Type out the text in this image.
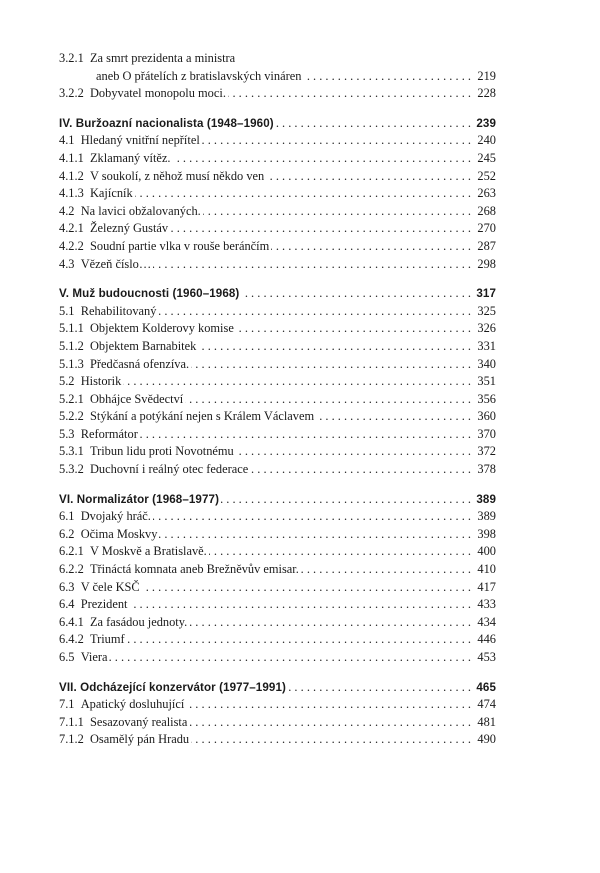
3.2.1 Za smrt prezidenta a ministra
. . .
aneb O přátelích z bratislavských vináren	219
. . .
3.2.2 Dobyvatel monopolu moci.	228
. . .
IV. Buržoazní nacionalista (1948–1960)	239
. . .
4.1 Hledaný vnitřní nepřítel	240
. . .
4.1.1 Zklamaný vítěz.	245
. . .
4.1.2 V soukolí, z něhož musí někdo ven	252
. . .
4.1.3 Kajícník	263
. . .
4.2 Na lavici obžalovaných.	268
. . .
4.2.1 Železný Gustáv	270
. . .
4.2.2 Soudní partie vlka v rouše beránčím	287
. . .
4.3 Vězeň číslo…	298
. . .
V. Muž budoucnosti (1960–1968)	317
. . .
5.1 Rehabilitovaný	325
. . .
5.1.1 Objektem Kolderovy komise	326
. . .
5.1.2 Objektem Barnabitek	331
. . .
5.1.3 Předčasná ofenzíva.	340
. . .
5.2 Historik	351
. . .
5.2.1 Obhájce Svědectví	356
. . .
5.2.2 Stýkání a potýkání nejen s Králem Václavem	360
. . .
5.3 Reformátor	370
. . .
5.3.1 Tribun lidu proti Novotnému	372
. . .
5.3.2 Duchovní i reálný otec federace	378
. . .
VI. Normalizátor (1968–1977)	389
. . .
6.1 Dvojaký hráč.	389
. . .
6.2 Očima Moskvy	398
. . .
6.2.1 V Moskvě a Bratislavě.	400
. . .
6.2.2 Třináctá komnata aneb Brežněvův emisar.	410
. . .
6.3 V čele KSČ	417
. . .
6.4 Prezident	433
. . .
6.4.1 Za fasádou jednoty.	434
. . .
6.4.2 Triumf	446
. . .
6.5 Viera	453
. . .
VII. Odcházející konzervátor (1977–1991)	465
. . .
7.1 Apatický dosluhující	474
. . .
7.1.1 Sesazovaný realista	481
. . .
7.1.2 Osamělý pán Hradu	490
